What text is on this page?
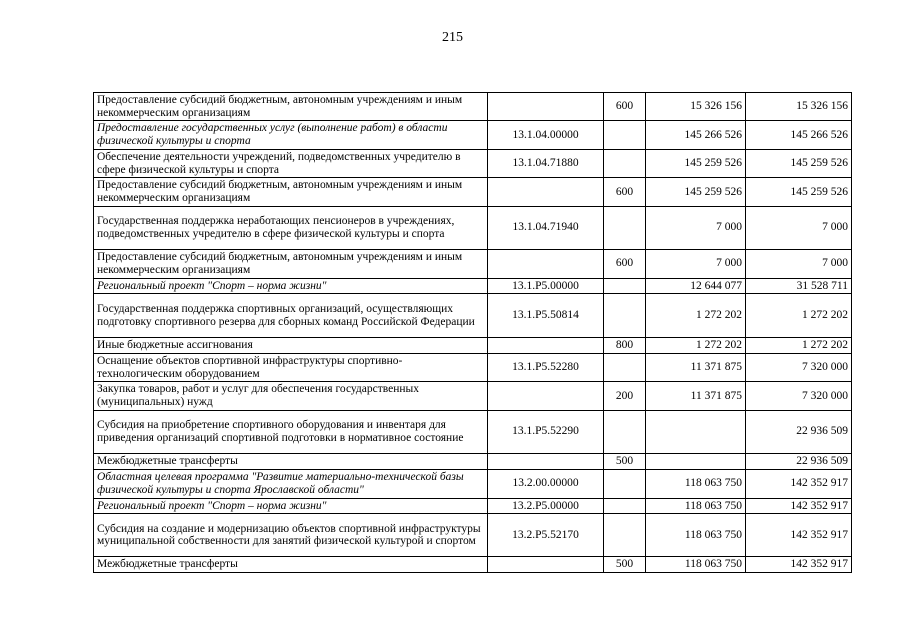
215
Предоставление субсидий бюджетным, автономным учреждениям и иным некоммерческим организациям		600	15 326 156	15 326 156
Предоставление государственных услуг (выполнение работ) в области физической культуры и спорта	13.1.04.00000		145 266 526	145 266 526
Обеспечение деятельности учреждений, подведомственных учредителю в сфере физической культуры и спорта	13.1.04.71880		145 259 526	145 259 526
Предоставление субсидий бюджетным, автономным учреждениям и иным некоммерческим организациям		600	145 259 526	145 259 526
Государственная поддержка неработающих пенсионеров в учреждениях, подведомственных учредителю в сфере физической культуры и спорта	13.1.04.71940		7 000	7 000
Предоставление субсидий бюджетным, автономным учреждениям и иным некоммерческим организациям		600	7 000	7 000
Региональный проект "Спорт – норма жизни"	13.1.P5.00000		12 644 077	31 528 711
Государственная поддержка спортивных организаций, осуществляющих подготовку спортивного резерва для сборных команд Российской Федерации	13.1.P5.50814		1 272 202	1 272 202
Иные бюджетные ассигнования		800	1 272 202	1 272 202
Оснащение объектов спортивной инфраструктуры спортивно-технологическим оборудованием	13.1.P5.52280		11 371 875	7 320 000
Закупка товаров, работ и услуг для обеспечения государственных (муниципальных) нужд		200	11 371 875	7 320 000
Субсидия на приобретение спортивного оборудования и инвентаря для приведения организаций спортивной подготовки в нормативное состояние	13.1.P5.52290			22 936 509
Межбюджетные трансферты		500		22 936 509
Областная целевая программа "Развитие материально-технической базы физической культуры и спорта Ярославской области"	13.2.00.00000		118 063 750	142 352 917
Региональный проект "Спорт – норма жизни"	13.2.P5.00000		118 063 750	142 352 917
Субсидия на создание и модернизацию объектов спортивной инфраструктуры муниципальной собственности для занятий физической культурой и спортом	13.2.P5.52170		118 063 750	142 352 917
Межбюджетные трансферты		500	118 063 750	142 352 917
